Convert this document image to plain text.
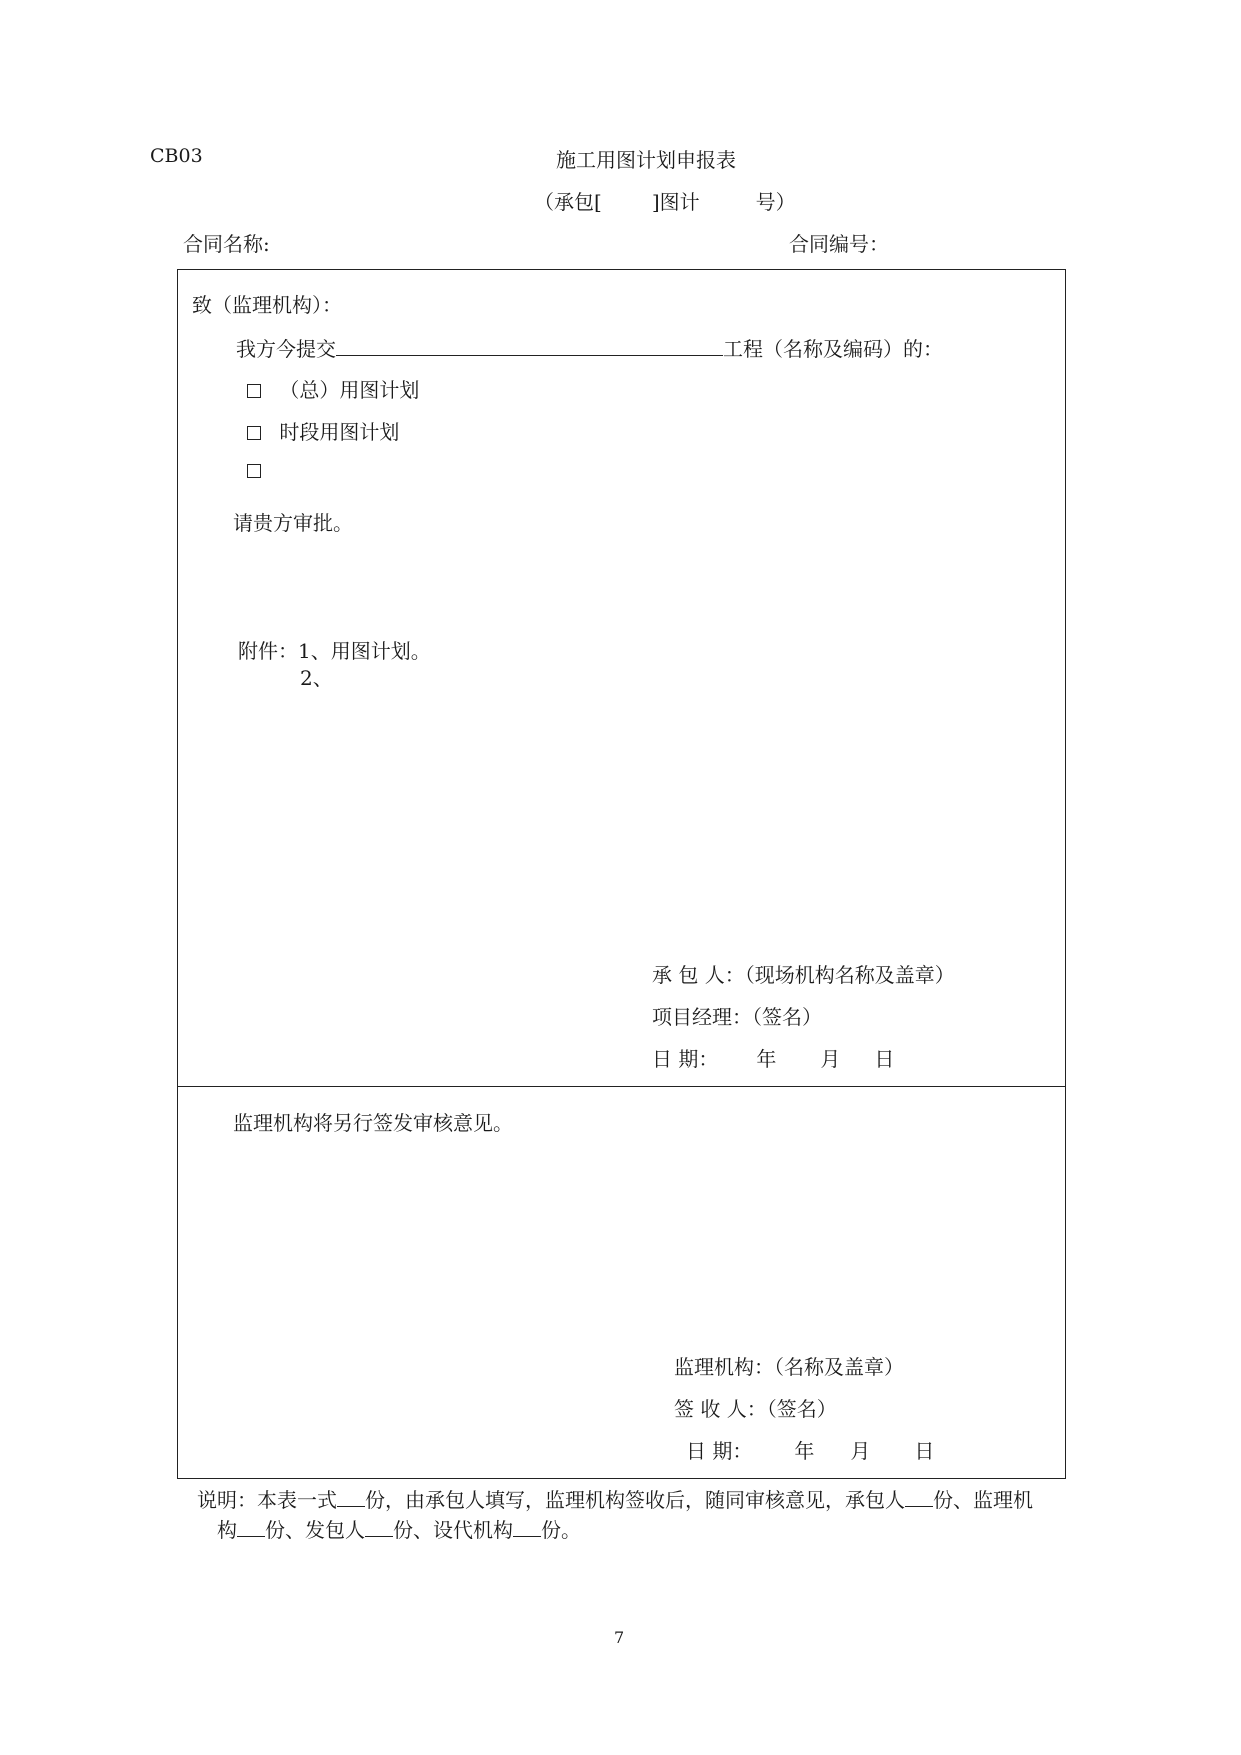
CB03	施工用图计划申报表
（承包[	]图计	号）
合同名称:	合同编号：
致（监理机构）：
我方今提交	工程（名称及编码）的：
（总）用图计划
时段用图计划
请贵方审批。
附件：1、用图计划。
2、
承 包 人：（现场机构名称及盖章）
项目经理：（签名）
日 期： 年 月 日
监理机构将另行签发审核意见。
监理机构：（名称及盖章）
签 收 人：（签名）
日 期： 年 月 日
说明：本表一式 份，由承包人填写，监理机构签收后，随同审核意见，承包人 份、监理机
构 份、发包人 份、设代机构 份。
7
